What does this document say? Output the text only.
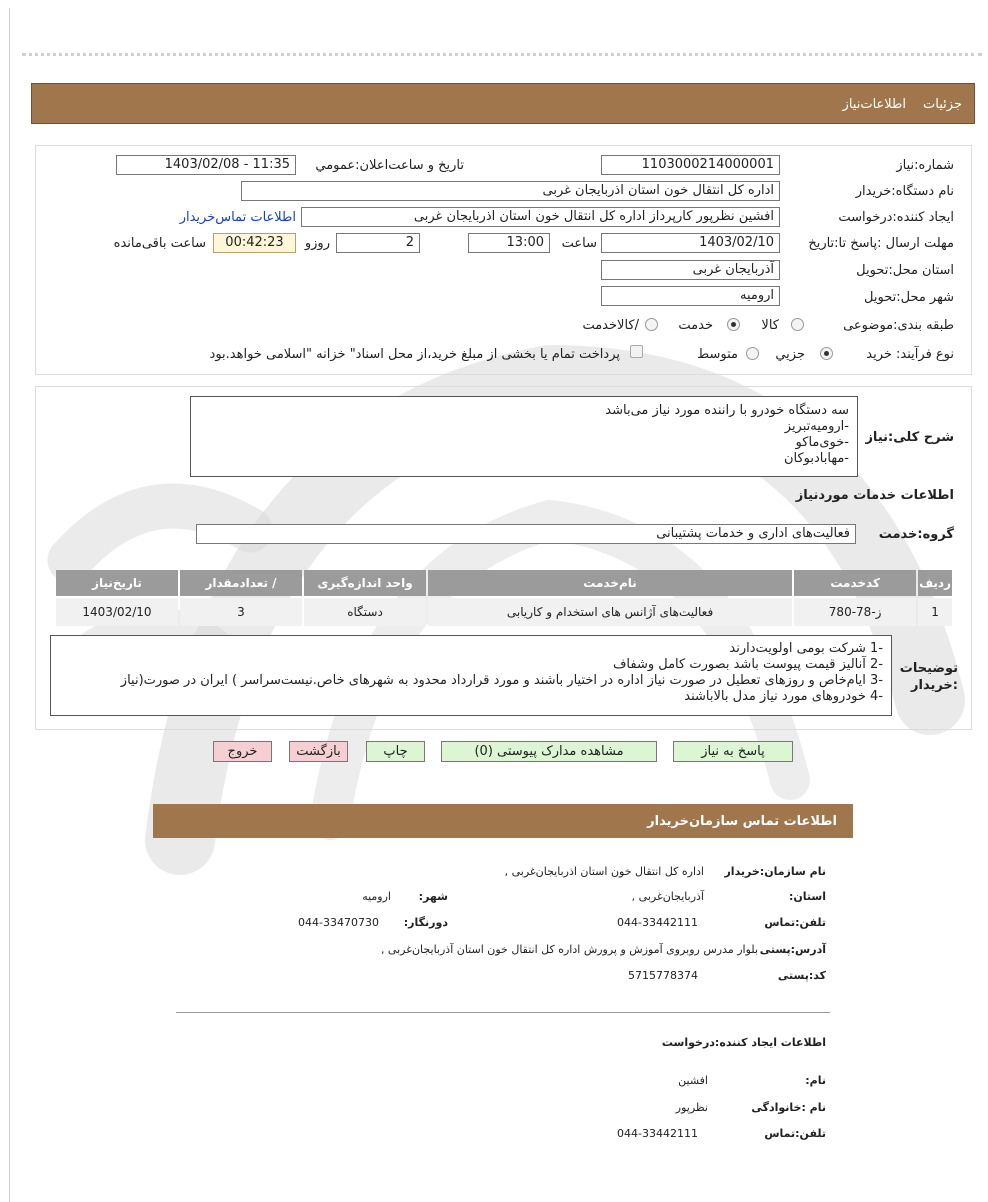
جزئیات
اطلاعات‌نیاز
شماره:نیاز
1103000214000001
تاریخ و ساعت‌اعلان:عمومي
1403/02/08 - 11:35
نام دستگاه:خریدار
اداره کل انتقال خون استان اذربایجان غربی
ایجاد کننده:درخواست
افشین نظرپور کارپرداز اداره کل انتقال خون استان اذربایجان غربی
اطلاعات تماس‌خریدار
مهلت ارسال :پاسخ تا:تاریخ
1403/02/10
ساعت
13:00
2
روزو
00:42:23
ساعت باقی‌مانده
استان محل:تحویل
آذربایجان غربی
شهر محل:تحویل
ارومیه
طبقه بندی:موضوعی
کالا
خدمت
/کالاخدمت
نوع فرآیند: خرید
جزيي
متوسط
پرداخت تمام یا بخشی از مبلغ خرید،از محل اسناد" خزانه "اسلامی خواهد.بود
شرح کلی:نیاز
سه دستگاه خودرو با راننده مورد نیاز می‌باشد
-ارومیه‌تبریز
-خوی‌ماکو
-مهابادبوکان
اطلاعات خدمات موردنیاز
گروه:خدمت
فعالیت‌های اداری و خدمات پشتیبانی
ردیف	کدخدمت	نام‌خدمت	واحد اندازه‌گیری	/ تعدادمقدار	تاریخ‌نیاز
1	ز-78-780	فعالیت‌های آژانس های استخدام و کاریابی	دستگاه	3	1403/02/10
توضیحات :خریدار
-1 شرکت بومی اولویت‌دارند
-2 آنالیز قیمت پیوست باشد بصورت کامل وشفاف
-3 ایام‌خاص و روزهای تعطیل در صورت نیاز اداره در اختیار باشند و مورد قرارداد محدود به شهرهای خاص.نیست‌سراسر ) ایران در صورت(نیاز
-4 خودروهای مورد نیاز مدل بالاباشند
پاسخ به نیاز
مشاهده مدارک پیوستی (0)
چاپ
بازگشت
خروج
اطلاعات تماس سازمان‌خریدار
نام سازمان:خریدار
اداره کل انتقال خون استان اذربایجان‌غربی ,
استان:
آذربایجان‌غربی ,
شهر:
ارومیه
تلفن:تماس
044-33442111
دورنگار:
044-33470730
آدرس:پستی
بلوار مدرس روبروی آموزش و پرورش اداره کل انتقال خون استان آذربایجان‌غربی ,
کد:پستی
5715778374
اطلاعات ایجاد کننده:درخواست
نام:
افشین
نام :خانوادگی
نظرپور
تلفن:تماس
044-33442111
